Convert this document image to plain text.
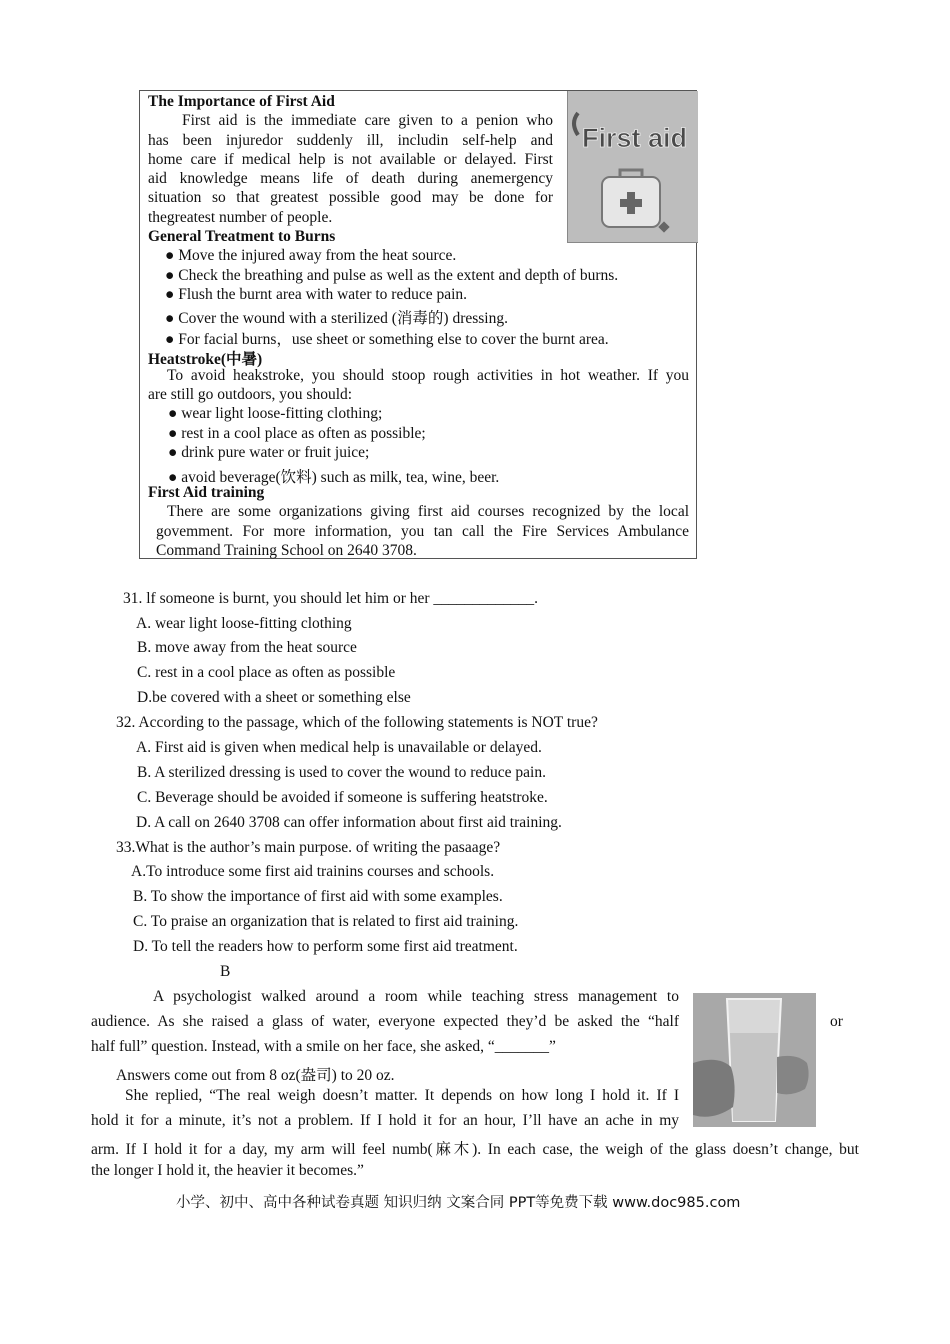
The Importance of First Aid
First aid is the immediate care given to a penion who
has been injuredor suddenly ill, includin self-help and
home care if medical help is not available or delayed. First
aid knowledge means life of death during anemergency
situation so that greatest possible good may be done for
thegreatest number of people.
First aid
General Treatment to Burns
● Move the injured away from the heat source.
● Check the breathing and pulse as well as the extent and depth of burns.
● Flush the burnt area with water to reduce pain.
● Cover the wound with a sterilized (消毒的) dressing.
● For facial burns，use sheet or something else to cover the burnt area.
Heatstroke(中暑)
To avoid heakstroke, you should stoop rough activities in hot weather. If you
are still go outdoors, you should:
● wear light loose-fitting clothing;
● rest in a cool place as often as possible;
● drink pure water or fruit juice;
● avoid beverage(饮料) such as milk, tea, wine, beer.
First Aid training
There are some organizations giving first aid courses recognized by the local
govemment. For more information, you tan call the Fire Services Ambulance
Command Training School on 2640 3708.
31. lf someone is burnt, you should let him or her _____________.
A. wear light loose-fitting clothing
B. move away from the heat source
C. rest in a cool place as often as possible
D.be covered with a sheet or something else
32. According to the passage, which of the following statements is NOT true?
A. First aid is given when medical help is unavailable or delayed.
B. A sterilized dressing is used to cover the wound to reduce pain.
C. Beverage should be avoided if someone is suffering heatstroke.
D. A call on 2640 3708 can offer information about first aid training.
33.What is the author’s main purpose. of writing the pasaage?
A.To introduce some first aid trainins courses and schools.
B. To show the importance of first aid with some examples.
C. To praise an organization that is related to first aid training.
D. To tell the readers how to perform some first aid treatment.
B
A psychologist walked around a room while teaching stress management to
audience. As she raised a glass of water, everyone expected they’d be asked the “half	or
half full” question. Instead, with a smile on her face, she asked, “_______”
Answers come out from 8 oz(盎司) to 20 oz.
She replied, “The real weigh doesn’t matter. It depends on how long I hold it. If I
hold it for a minute, it’s not a problem. If I hold it for an hour, I’ll have an ache in my
arm. If I hold it for a day, my arm will feel numb(麻木). In each case, the weigh of the glass doesn’t change, but
the longer I hold it, the heavier it becomes.”
小学、初中、高中各种试卷真题 知识归纳 文案合同 PPT等免费下载 www.doc985.com
